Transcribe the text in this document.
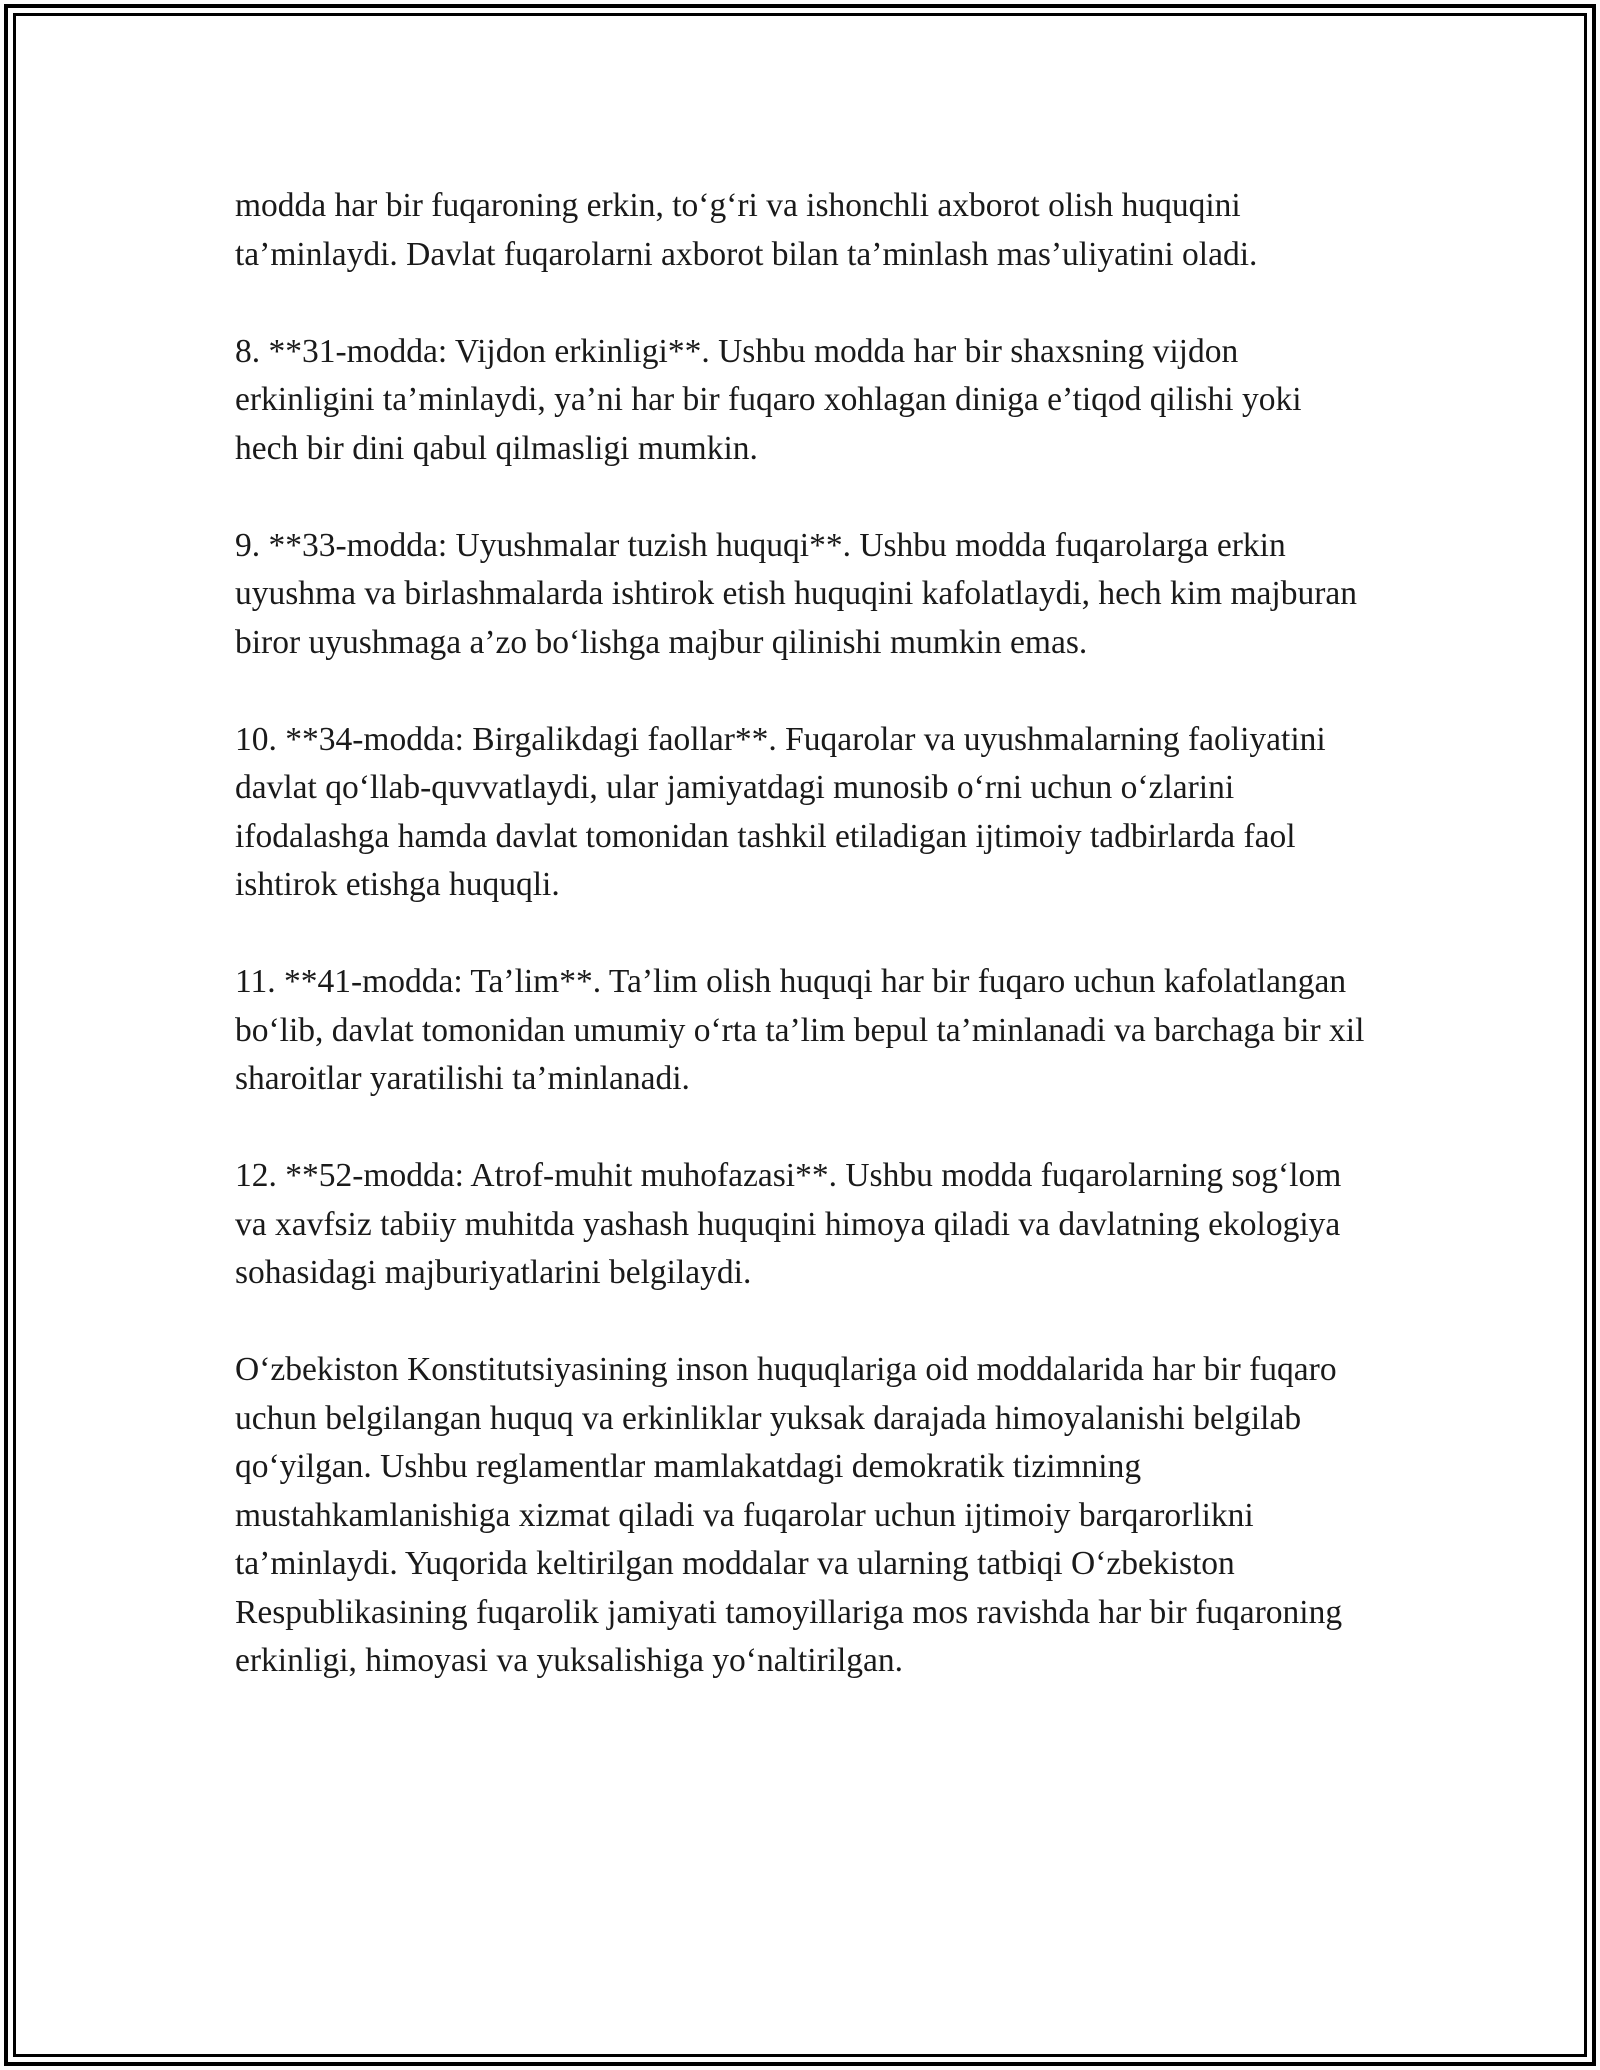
modda har bir fuqaroning erkin, to‘g‘ri va ishonchli axborot olish huquqini ta’minlaydi. Davlat fuqarolarni axborot bilan ta’minlash mas’uliyatini oladi.

8. **31-modda: Vijdon erkinligi**. Ushbu modda har bir shaxsning vijdon erkinligini ta’minlaydi, ya’ni har bir fuqaro xohlagan diniga e’tiqod qilishi yoki hech bir dini qabul qilmasligi mumkin.

9. **33-modda: Uyushmalar tuzish huquqi**. Ushbu modda fuqarolarga erkin uyushma va birlashmalarda ishtirok etish huquqini kafolatlaydi, hech kim majburan biror uyushmaga a’zo bo‘lishga majbur qilinishi mumkin emas.

10. **34-modda: Birgalikdagi faollar**. Fuqarolar va uyushmalarning faoliyatini davlat qo‘llab-quvvatlaydi, ular jamiyatdagi munosib o‘rni uchun o‘zlarini ifodalashga hamda davlat tomonidan tashkil etiladigan ijtimoiy tadbirlarda faol ishtirok etishga huquqli.

11. **41-modda: Ta’lim**. Ta’lim olish huquqi har bir fuqaro uchun kafolatlangan bo‘lib, davlat tomonidan umumiy o‘rta ta’lim bepul ta’minlanadi va barchaga bir xil sharoitlar yaratilishi ta’minlanadi.

12. **52-modda: Atrof-muhit muhofazasi**. Ushbu modda fuqarolarning sog‘lom va xavfsiz tabiiy muhitda yashash huquqini himoya qiladi va davlatning ekologiya sohasidagi majburiyatlarini belgilaydi.

O‘zbekiston Konstitutsiyasining inson huquqlariga oid moddalarida har bir fuqaro uchun belgilangan huquq va erkinliklar yuksak darajada himoyalanishi belgilab qo‘yilgan. Ushbu reglamentlar mamlakatdagi demokratik tizimning mustahkamlanishiga xizmat qiladi va fuqarolar uchun ijtimoiy barqarorlikni ta’minlaydi. Yuqorida keltirilgan moddalar va ularning tatbiqi O‘zbekiston Respublikasining fuqarolik jamiyati tamoyillariga mos ravishda har bir fuqaroning erkinligi, himoyasi va yuksalishiga yo‘naltirilgan.
